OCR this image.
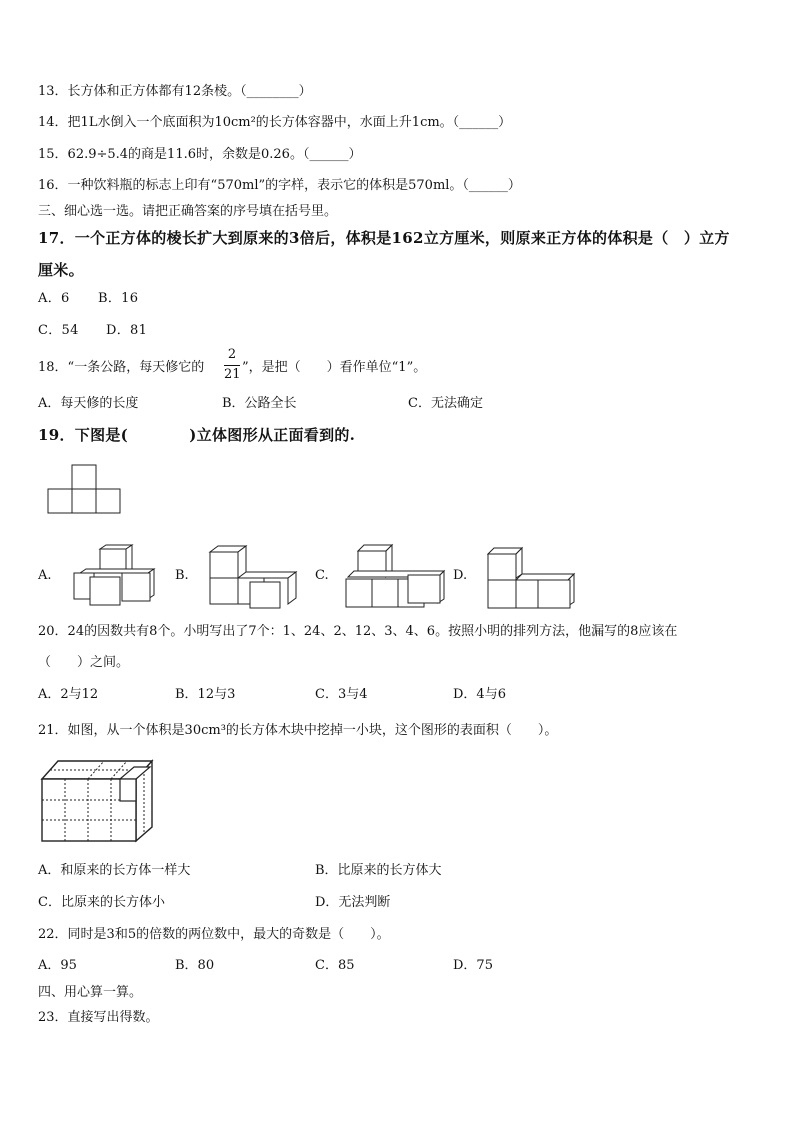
13．长方体和正方体都有12条棱。（________）
14．把1L水倒入一个底面积为10cm²的长方体容器中，水面上升1cm。（______）
15．62.9÷5.4的商是11.6时，余数是0.26。（______）
16．一种饮料瓶的标志上印有“570ml”的字样，表示它的体积是570ml。（______）
三、细心选一选。请把正确答案的序号填在括号里。
17．一个正方体的棱长扩大到原来的3倍后，体积是162立方厘米，则原来正方体的体积是（　）立方
厘米。
A．6 B．16
C．54 D．81
18．“一条公路，每天修它的
2
21 ”，是把（　　）看作单位“1”。
A．每天修的长度	B．公路全长	C．无法确定
19．下图是(　　　　)立体图形从正面看到的.
A.	B.	C.	D.
20．24的因数共有8个。小明写出了7个：1、24、2、12、3、4、6。按照小明的排列方法，他漏写的8应该在
（　　）之间。
A．2与12	B．12与3	C．3与4	D．4与6
21．如图，从一个体积是30cm³的长方体木块中挖掉一小块，这个图形的表面积（　　）。
A．和原来的长方体一样大	B．比原来的长方体大
C．比原来的长方体小	D．无法判断
22．同时是3和5的倍数的两位数中，最大的奇数是（　　）。
A．95	B．80	C．85	D．75
四、用心算一算。
23．直接写出得数。
